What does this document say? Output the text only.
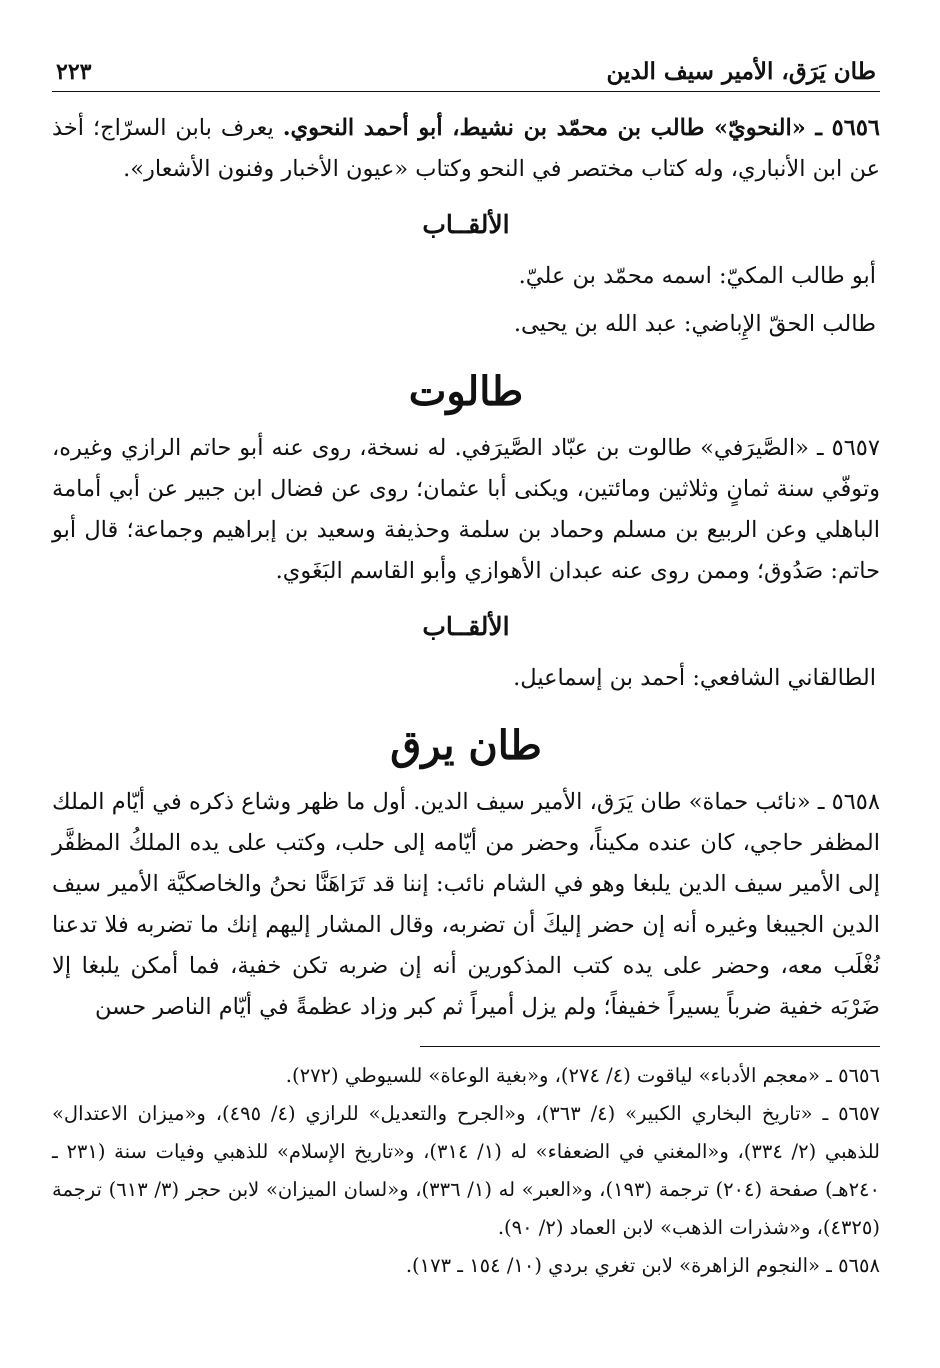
طان يَرَق، الأمير سيف الدين
٢٢٣

٥٦٥٦ ـ «النحويّ» طالب بن محمّد بن نشيط، أبو أحمد النحوي. يعرف بابن السرّاج؛ أخذ عن ابن الأنباري، وله كتاب مختصر في النحو وكتاب «عيون الأخبار وفنون الأشعار».

الألقــاب

أبو طالب المكيّ: اسمه محمّد بن عليّ.

طالب الحقّ الإِباضي: عبد الله بن يحيى.

طالوت

٥٦٥٧ ـ «الصَّيرَفي» طالوت بن عبّاد الصَّيرَفي. له نسخة، روى عنه أبو حاتم الرازي وغيره، وتوفّي سنة ثمانٍ وثلاثين ومائتين، ويكنى أبا عثمان؛ روى عن فضال ابن جبير عن أبي أمامة الباهلي وعن الربيع بن مسلم وحماد بن سلمة وحذيفة وسعيد بن إبراهيم وجماعة؛ قال أبو حاتم: صَدُوق؛ وممن روى عنه عبدان الأهوازي وأبو القاسم البَغَوي.

الألقــاب

الطالقاني الشافعي: أحمد بن إسماعيل.

طان يرق

٥٦٥٨ ـ «نائب حماة» طان يَرَق، الأمير سيف الدين. أول ما ظهر وشاع ذكره في أيّام الملك المظفر حاجي، كان عنده مكيناً، وحضر من أيّامه إلى حلب، وكتب على يده الملكُ المظفَّر إلى الأمير سيف الدين يلبغا وهو في الشام نائب: إننا قد تَرَاهَنَّا نحنُ والخاصكيَّة الأمير سيف الدين الجيبغا وغيره أنه إن حضر إليكَ أن تضربه، وقال المشار إليهم إنك ما تضربه فلا تدعنا نُغْلَب معه، وحضر على يده كتب المذكورين أنه إن ضربه تكن خفية، فما أمكن يلبغا إلا ضَرْبَه خفية ضرباً يسيراً خفيفاً؛ ولم يزل أميراً ثم كبر وزاد عظمةً في أيّام الناصر حسن

٥٦٥٦ ـ «معجم الأدباء» لياقوت (٤/ ٢٧٤)، و«بغية الوعاة» للسيوطي (٢٧٢).

٥٦٥٧ ـ «تاريخ البخاري الكبير» (٤/ ٣٦٣)، و«الجرح والتعديل» للرازي (٤/ ٤٩٥)، و«ميزان الاعتدال» للذهبي (٢/ ٣٣٤)، و«المغني في الضعفاء» له (١/ ٣١٤)، و«تاريخ الإسلام» للذهبي وفيات سنة (٢٣١ ـ ٢٤٠هـ) صفحة (٢٠٤) ترجمة (١٩٣)، و«العبر» له (١/ ٣٣٦)، و«لسان الميزان» لابن حجر (٣/ ٦١٣) ترجمة (٤٣٢٥)، و«شذرات الذهب» لابن العماد (٢/ ٩٠).

٥٦٥٨ ـ «النجوم الزاهرة» لابن تغري بردي (١٠/ ١٥٤ ـ ١٧٣).
